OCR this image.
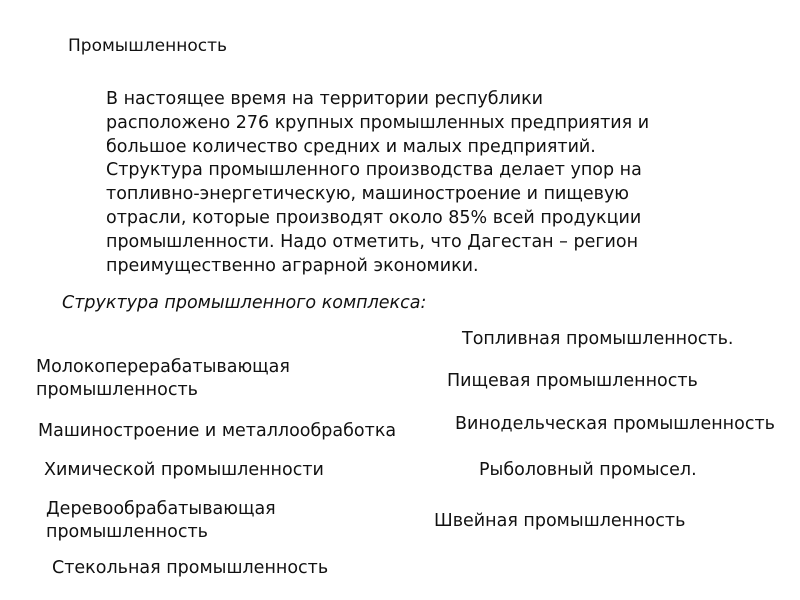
Промышленность
В настоящее время на территории республики
расположено 276 крупных промышленных предприятия и
большое количество средних и малых предприятий.
Структура промышленного производства делает упор на
топливно-энергетическую, машиностроение и пищевую
отрасли, которые производят около 85% всей продукции
промышленности. Надо отметить, что Дагестан – регион
преимущественно аграрной экономики.
Структура промышленного комплекса:
Молокоперерабатывающая
промышленность
Машиностроение и металлообработка
Химической промышленности
Деревообрабатывающая
промышленность
Стекольная промышленность
Топливная промышленность.
Пищевая промышленность
Винодельческая промышленность
Рыболовный промысел.
Швейная промышленность
